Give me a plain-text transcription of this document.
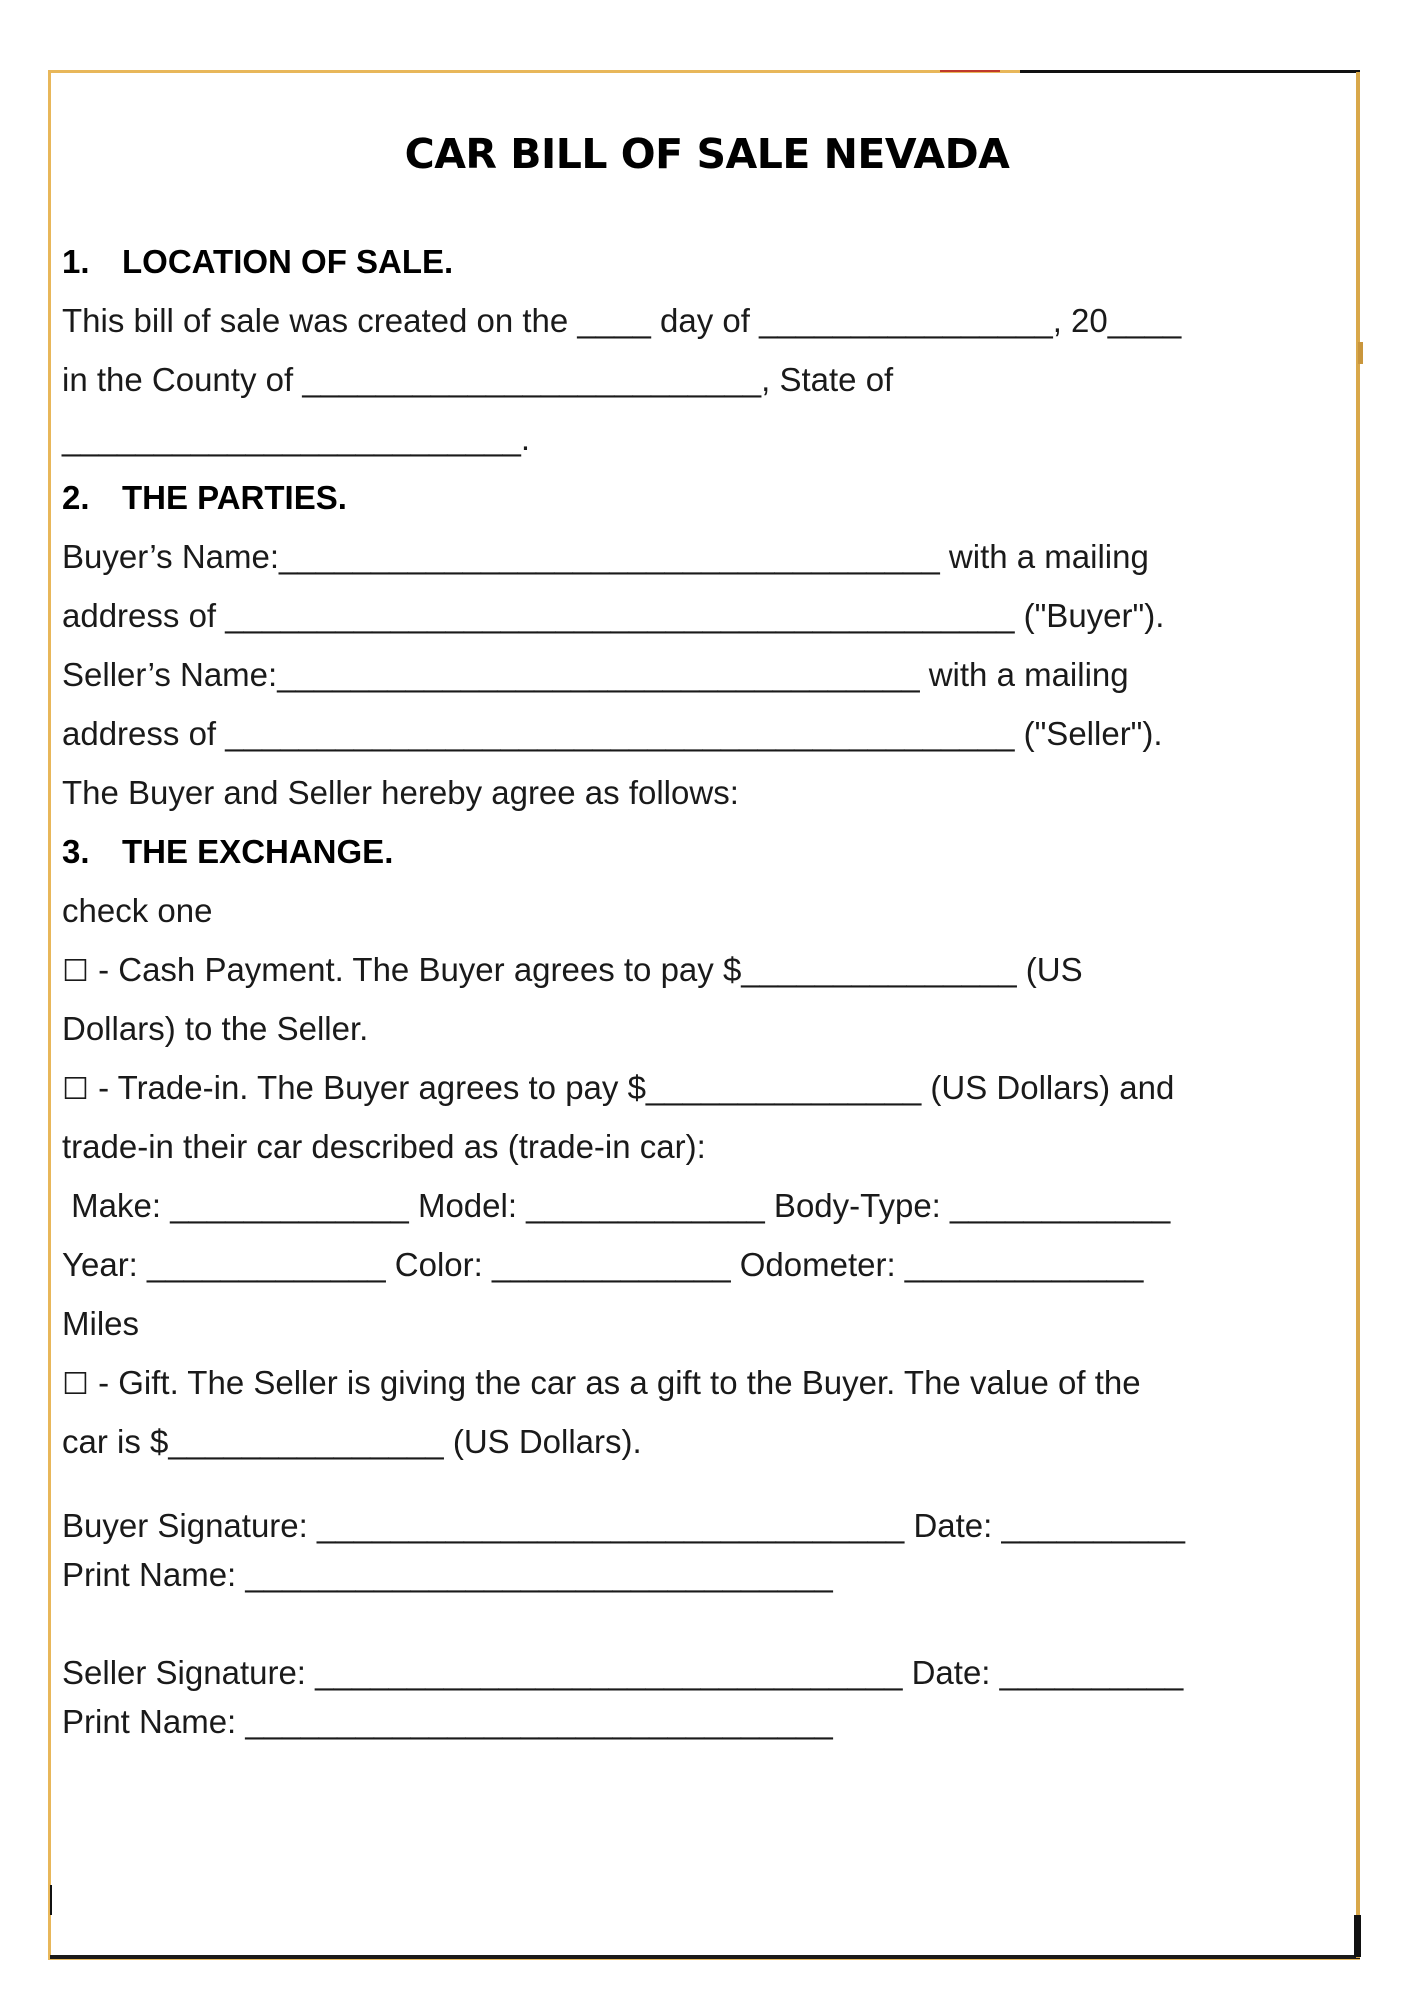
CAR BILL OF SALE NEVADA
1. LOCATION OF SALE.
This bill of sale was created on the ____ day of ________________, 20____
in the County of _________________________, State of
_________________________.
2. THE PARTIES.
Buyer’s Name:____________________________________ with a mailing
address of ___________________________________________ ("Buyer").
Seller’s Name:___________________________________ with a mailing
address of ___________________________________________ ("Seller").
The Buyer and Seller hereby agree as follows:
3. THE EXCHANGE.
check one
☐ - Cash Payment. The Buyer agrees to pay $_______________ (US
Dollars) to the Seller.
☐ - Trade-in. The Buyer agrees to pay $_______________ (US Dollars) and
trade-in their car described as (trade-in car):
Make: _____________ Model: _____________ Body-Type: ____________
Year: _____________ Color: _____________ Odometer: _____________
Miles
☐ - Gift. The Seller is giving the car as a gift to the Buyer. The value of the
car is $_______________ (US Dollars).
Buyer Signature: ________________________________ Date: __________
Print Name: ________________________________
Seller Signature: ________________________________ Date: __________
Print Name: ________________________________
